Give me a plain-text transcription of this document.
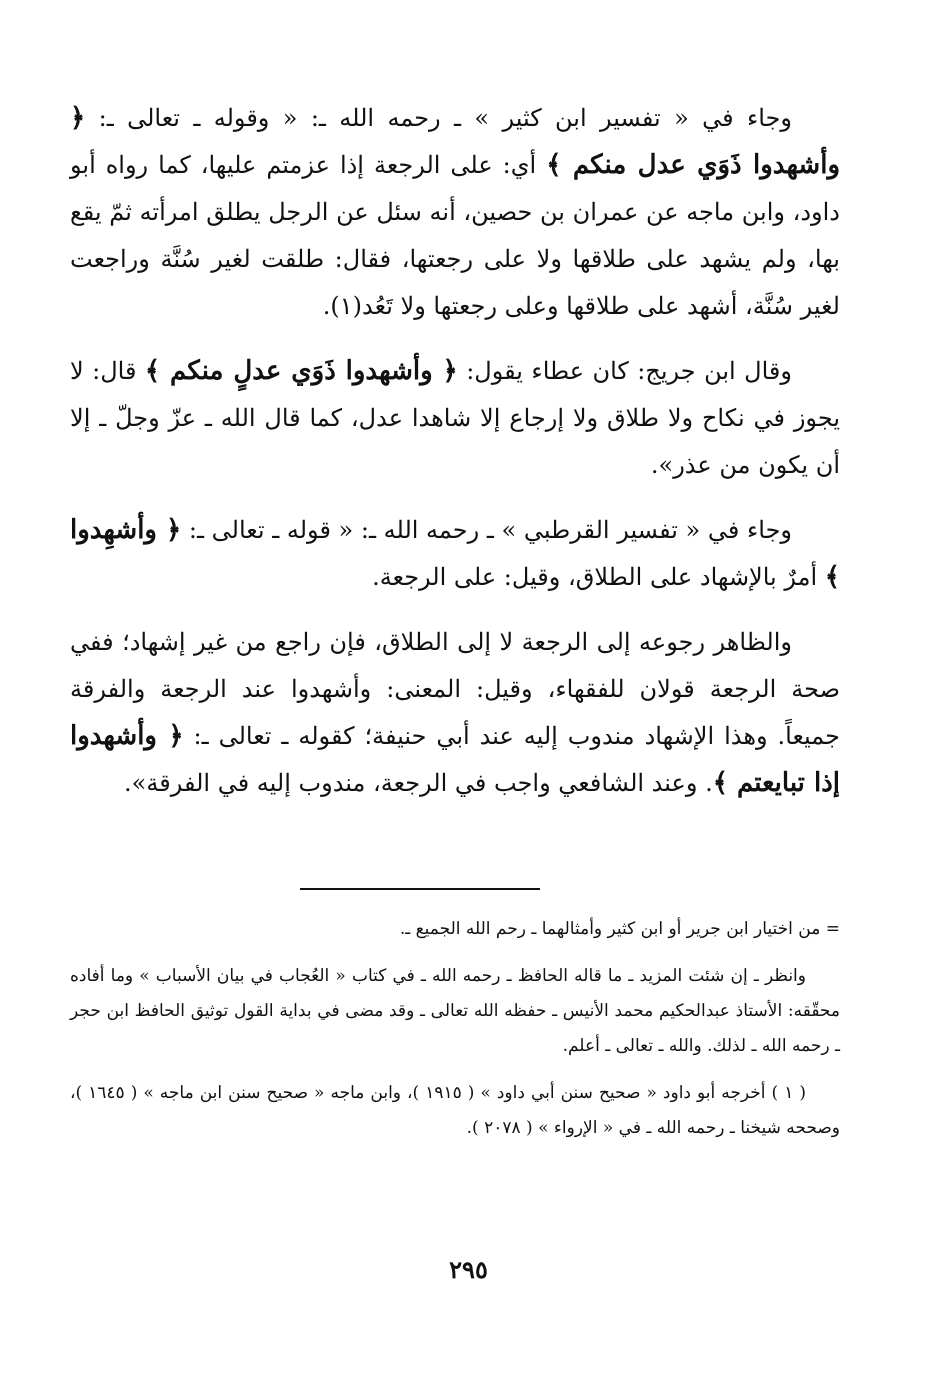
وجاء في « تفسير ابن كثير » ـ رحمه الله ـ: « وقوله ـ تعالى ـ: ﴿ وأشهدوا ذَوَي عدل منكم ﴾ أي: على الرجعة إذا عزمتم عليها، كما رواه أبو داود، وابن ماجه عن عمران بن حصين، أنه سئل عن الرجل يطلق امرأته ثمّ يقع بها، ولم يشهد على طلاقها ولا على رجعتها، فقال: طلقت لغير سُنَّة وراجعت لغير سُنَّة، أشهد على طلاقها وعلى رجعتها ولا تَعُد(١).

وقال ابن جريج: كان عطاء يقول: ﴿ وأشهدوا ذَوَي عدلٍ منكم ﴾ قال: لا يجوز في نكاح ولا طلاق ولا إرجاع إلا شاهدا عدل، كما قال الله ـ عزّ وجلّ ـ إلا أن يكون من عذر».

وجاء في « تفسير القرطبي » ـ رحمه الله ـ: « قوله ـ تعالى ـ: ﴿ وأشهِدوا ﴾ أمرٌ بالإشهاد على الطلاق، وقيل: على الرجعة.

والظاهر رجوعه إلى الرجعة لا إلى الطلاق، فإن راجع من غير إشهاد؛ ففي صحة الرجعة قولان للفقهاء، وقيل: المعنى: وأشهدوا عند الرجعة والفرقة جميعاً. وهذا الإشهاد مندوب إليه عند أبي حنيفة؛ كقوله ـ تعالى ـ: ﴿ وأشهدوا إذا تبايعتم ﴾. وعند الشافعي واجب في الرجعة، مندوب إليه في الفرقة».

= من اختيار ابن جرير أو ابن كثير وأمثالهما ـ رحم الله الجميع ـ.

وانظر ـ إن شئت المزيد ـ ما قاله الحافظ ـ رحمه الله ـ في كتاب « العُجاب في بيان الأسباب » وما أفاده محقّقه: الأستاذ عبدالحكيم محمد الأنيس ـ حفظه الله تعالى ـ وقد مضى في بداية القول توثيق الحافظ ابن حجر ـ رحمه الله ـ لذلك. والله ـ تعالى ـ أعلم.

( ١ ) أخرجه أبو داود « صحيح سنن أبي داود » ( ١٩١٥ )، وابن ماجه « صحيح سنن ابن ماجه » ( ١٦٤٥ )، وصححه شيخنا ـ رحمه الله ـ في « الإرواء » ( ٢٠٧٨ ).

٢٩٥
